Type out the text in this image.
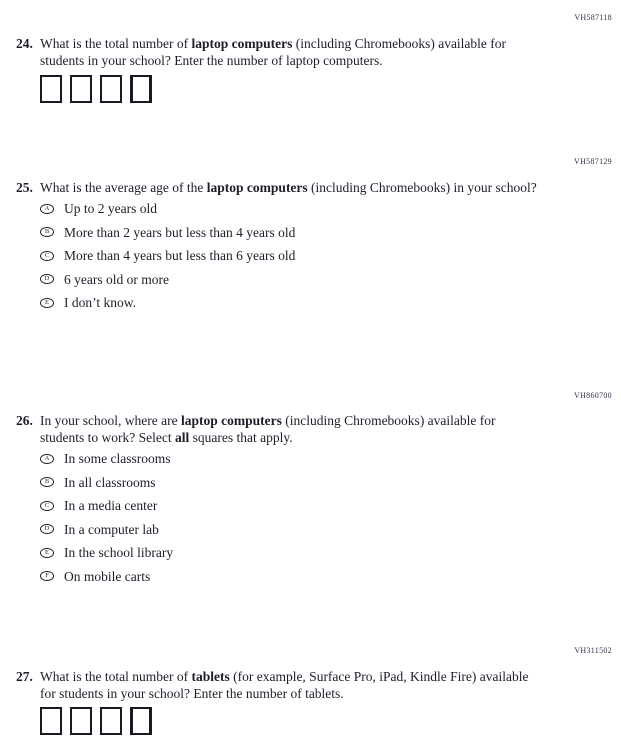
VH587118
24. What is the total number of laptop computers (including Chromebooks) available for students in your school? Enter the number of laptop computers.
VH587129
25. What is the average age of the laptop computers (including Chromebooks) in your school?
A	Up to 2 years old
B	More than 2 years but less than 4 years old
C	More than 4 years but less than 6 years old
D	6 years old or more
E	I don’t know.
VH860700
26. In your school, where are laptop computers (including Chromebooks) available for students to work? Select all squares that apply.
A	In some classrooms
B	In all classrooms
C	In a media center
D	In a computer lab
E	In the school library
F	On mobile carts
VH311502
27. What is the total number of tablets (for example, Surface Pro, iPad, Kindle Fire) available for students in your school? Enter the number of tablets.
